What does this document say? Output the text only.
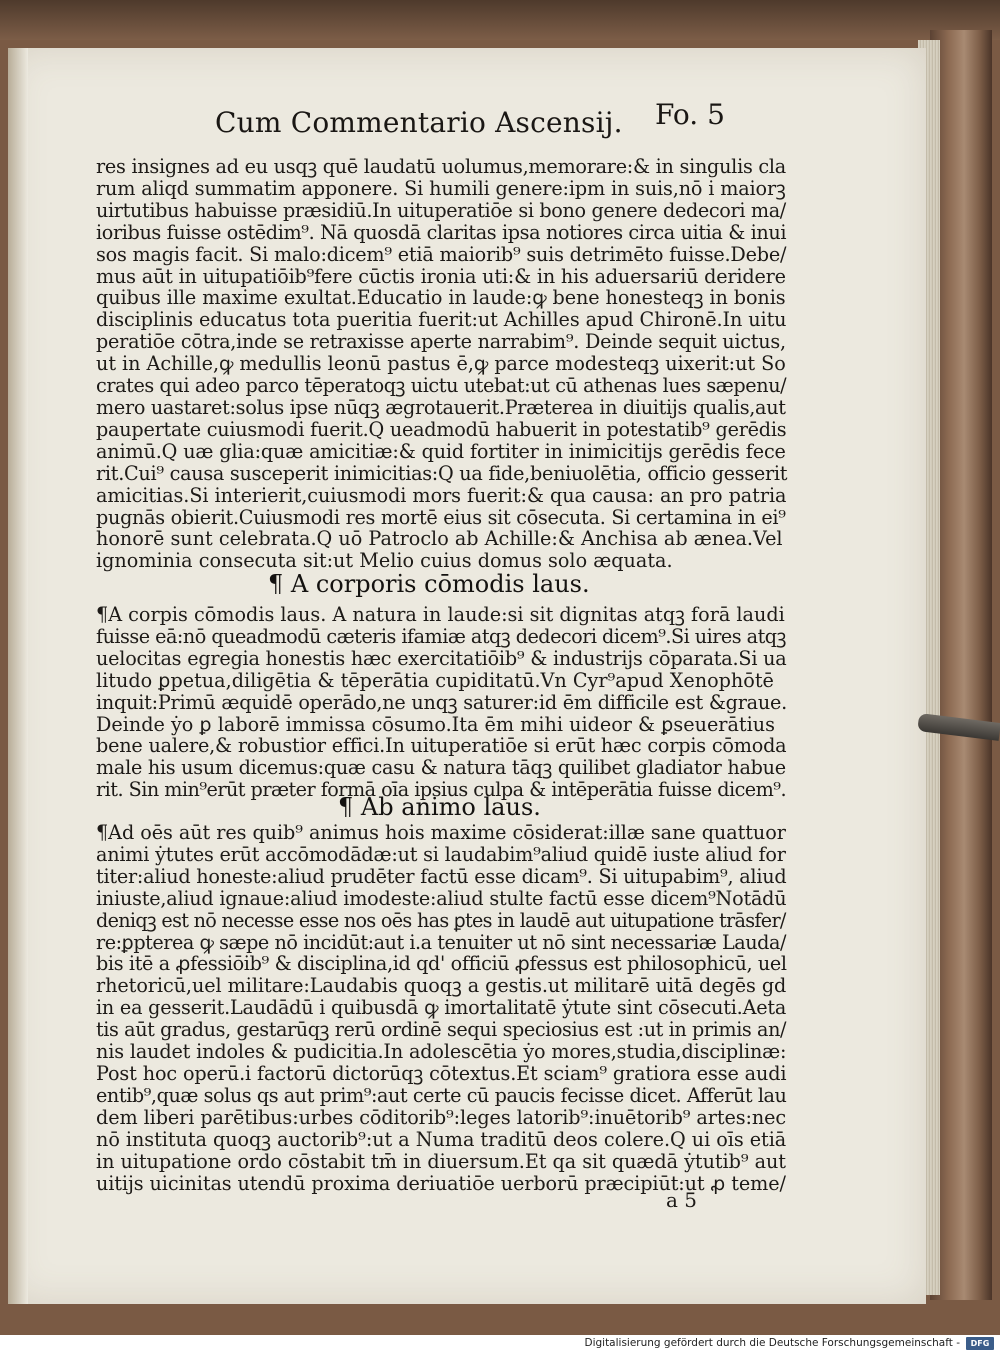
Cum Commentario Ascensij. Fo. 5
res insignes ad eu usqꝫ quē laudatū uolumus,memorare:& in singulis cla
rum aliqd summatim apponere. Si humili genere:ipm in suis,nō i maiorꝫ
uirtutibus habuisse præsidiū.In uituperatiōe si bono genere dedecori ma/
ioribus fuisse ostēdim⁹. Nā quosdā claritas ipsa notiores circa uitia & inui
sos magis facit. Si malo:dicem⁹ etiā maiorib⁹ suis detrimēto fuisse.Debe/
mus aūt in uitupatiōib⁹fere cūctis ironia uti:& in his aduersariū deridere
quibus ille maxime exultat.Educatio in laude:ꝙ bene honesteqꝫ in bonis
disciplinis educatus tota pueritia fuerit:ut Achilles apud Chironē.In uitu
peratiōe cōtra,inde se retraxisse aperte narrabim⁹. Deinde sequit uictus,
ut in Achille,ꝙ medullis leonū pastus ē,ꝙ parce modesteqꝫ uixerit:ut So
crates qui adeo parco tēperatoqꝫ uictu utebat:ut cū athenas lues sæpenu/
mero uastaret:solus ipse nūqꝫ ægrotauerit.Præterea in diuitijs qualis,aut
paupertate cuiusmodi fuerit.Q ueadmodū habuerit in potestatib⁹ gerēdis
animū.Q uæ glia:quæ amicitiæ:& quid fortiter in inimicitijs gerēdis fece
rit.Cui⁹ causa susceperit inimicitias:Q ua fide,beniuolētia, officio gesserit
amicitias.Si interierit,cuiusmodi mors fuerit:& qua causa: an pro patria
pugnās obierit.Cuiusmodi res mortē eius sit cōsecuta. Si certamina in ei⁹
honorē sunt celebrata.Q uō Patroclo ab Achille:& Anchisa ab ænea.Vel
ignominia consecuta sit:ut Melio cuius domus solo æquata.
¶ A corporis cōmodis laus.
¶A corpis cōmodis laus. A natura in laude:si sit dignitas atqꝫ forā laudi
fuisse eā:nō queadmodū cæteris ifamiæ atqꝫ dedecori dicem⁹.Si uires atqꝫ
uelocitas egregia honestis hæc exercitatiōib⁹ & industrijs cōparata.Si ua
litudo ꝑpetua,diligētia & tēperātia cupiditatū.Vn Cyr⁹apud Xenophōtē
inquit:Primū æquidē operādo,ne unqꝫ saturer:id ēm difficile est &graue.
Deinde ẏo ꝑ laborē immissa cōsumo.Ita ēm mihi uideor & ꝑseuerātius
bene ualere,& robustior effici.In uituperatiōe si erūt hæc corpis cōmoda
male his usum dicemus:quæ casu & natura tāqꝫ quilibet gladiator habue
rit. Sin min⁹erūt præter formā oīa ipsius culpa & intēperātia fuisse dicem⁹.
¶ Ab animo laus.
¶Ad oēs aūt res quib⁹ animus hois maxime cōsiderat:illæ sane quattuor
animi ẏtutes erūt accōmodādæ:ut si laudabim⁹aliud quidē iuste aliud for
titer:aliud honeste:aliud prudēter factū esse dicam⁹. Si uitupabim⁹, aliud
iniuste,aliud ignaue:aliud imodeste:aliud stulte factū esse dicem⁹Notādū
deniqꝫ est nō necesse esse nos oēs has ꝑtes in laudē aut uitupatione trāsfer/
re:ꝑpterea ꝙ sæpe nō incidūt:aut i.a tenuiter ut nō sint necessariæ Lauda/
bis itē a ꝓfessiōib⁹ & disciplina,id qd' officiū ꝓfessus est philosophicū, uel
rhetoricū,uel militare:Laudabis quoqꝫ a gestis.ut militarē uitā degēs gd
in ea gesserit.Laudādū i quibusdā ꝙ imortalitatē ẏtute sint cōsecuti.Aeta
tis aūt gradus, gestarūqꝫ rerū ordinē sequi speciosius est :ut in primis an/
nis laudet indoles & pudicitia.In adolescētia ẏo mores,studia,disciplinæ:
Post hoc operū.i factorū dictorūqꝫ cōtextus.Et sciam⁹ gratiora esse audi
entib⁹,quæ solus qs aut prim⁹:aut certe cū paucis fecisse dicet. Afferūt lau
dem liberi parētibus:urbes cōditorib⁹:leges latorib⁹:inuētorib⁹ artes:nec
nō instituta quoqꝫ auctorib⁹:ut a Numa traditū deos colere.Q ui oīs etiā
in uitupatione ordo cōstabit tm̄ in diuersum.Et qa sit quædā ẏtutib⁹ aut
uitijs uicinitas utendū proxima deriuatiōe uerborū præcipiūt:ut ꝓ teme/
a 5
Digitalisierung gefördert durch die Deutsche Forschungsgemeinschaft -	DFG
